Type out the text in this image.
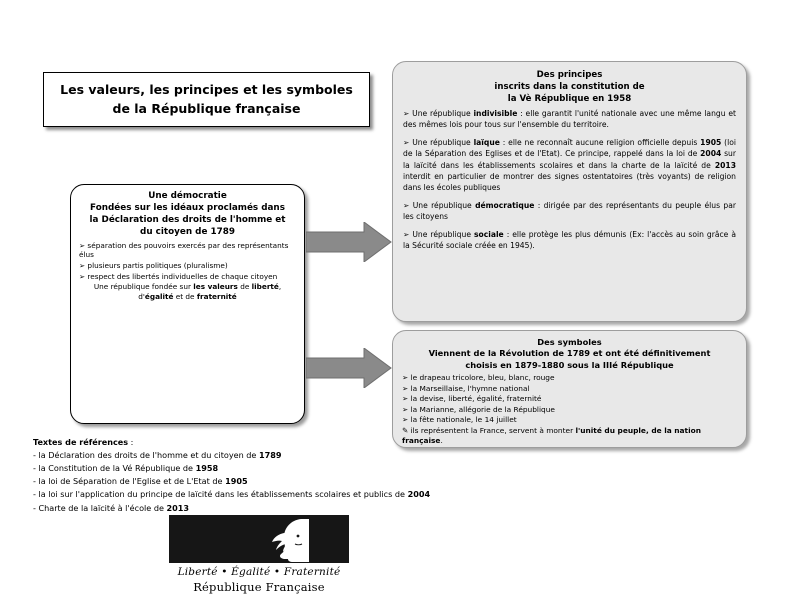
Les valeurs, les principes et les symboles
de la République française
Une démocratie
Fondées sur les idéaux proclamés dans
la Déclaration des droits de l'homme et
du citoyen de 1789

➢ séparation des pouvoirs exercés par des représentants élus

➢ plusieurs partis politiques (pluralisme)

➢ respect des libertés individuelles de chaque citoyen

Une république fondée sur les valeurs de liberté, d'égalité et de fraternité

Liberté • Égalité • Fraternité
République Française
Des principes
inscrits dans la constitution de
la Vè République en 1958

➢ Une république indivisible : elle garantit l'unité nationale avec une même langu et des mêmes lois pour tous sur l'ensemble du territoire.

➢ Une république laïque : elle ne reconnaît aucune religion officielle depuis 1905 (loi de la Séparation des Eglises et de l'Etat). Ce principe, rappelé dans la loi de 2004 sur la laïcité dans les établissements scolaires et dans la charte de la laïcité de 2013 interdit en particulier de montrer des signes ostentatoires (très voyants) de religion dans les écoles publiques

➢ Une république démocratique : dirigée par des représentants du peuple élus par les citoyens

➢ Une république sociale : elle protège les plus démunis (Ex: l'accès au soin grâce à la Sécurité sociale créée en 1945).

Des symboles
Viennent de la Révolution de 1789 et ont été définitivement
choisis en 1879-1880 sous la IIIé République

➢ le drapeau tricolore, bleu, blanc, rouge

➢ la Marseillaise, l'hymne national

➢ la devise, liberté, égalité, fraternité

➢ la Marianne, allégorie de la République

➢ la fête nationale, le 14 juillet

✎ ils représentent la France, servent à monter l'unité du peuple, de la nation française.

Textes de références :

- la Déclaration des droits de l'homme et du citoyen de 1789

- la Constitution de la Vé République de 1958

- la loi de Séparation de l'Eglise et de L'Etat de 1905

- la loi sur l'application du principe de laïcité dans les établissements scolaires et publics de 2004

- Charte de la laïcité à l'école de 2013
